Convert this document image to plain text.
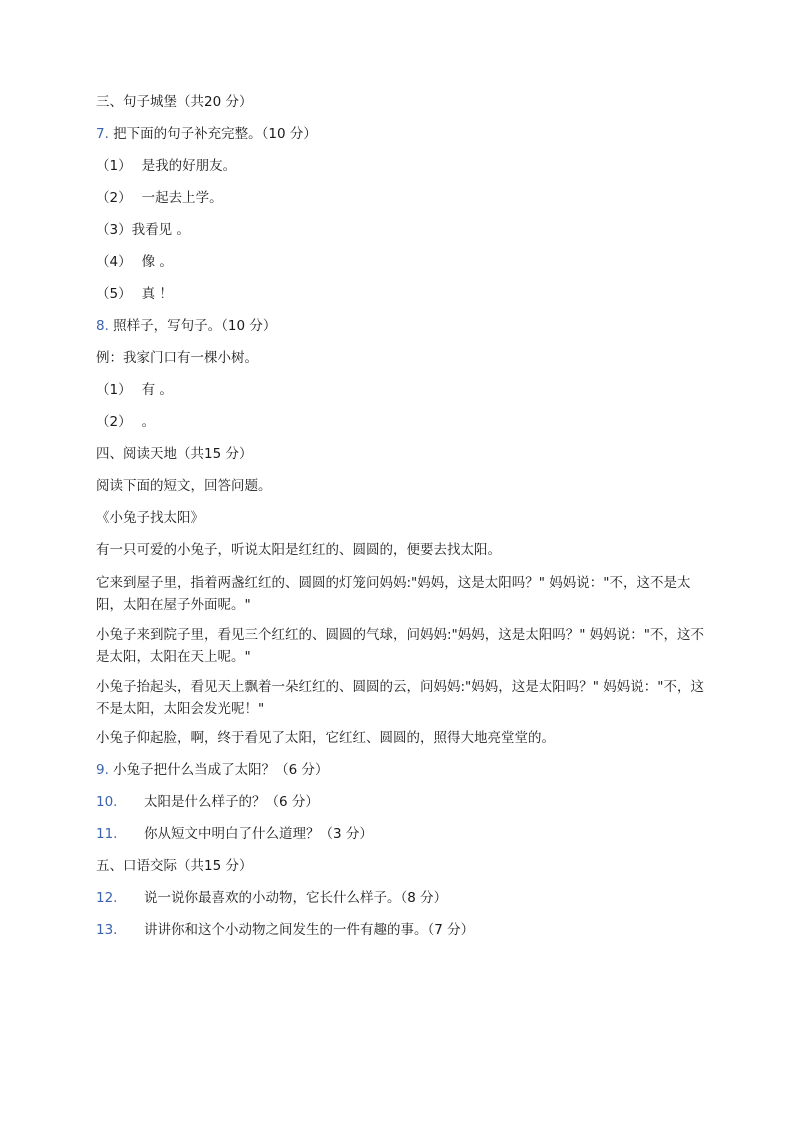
三、句子城堡（共20 分）
7. 把下面的句子补充完整。（10 分）
（1） 是我的好朋友。
（2） 一起去上学。
（3）我看见 。
（4） 像 。
（5） 真 ！
8. 照样子，写句子。（10 分）
例：我家门口有一棵小树。
（1） 有 。
（2） 。
四、阅读天地（共15 分）
阅读下面的短文，回答问题。
《小兔子找太阳》
有一只可爱的小兔子，听说太阳是红红的、圆圆的，便要去找太阳。
它来到屋子里，指着两盏红红的、圆圆的灯笼问妈妈:"妈妈，这是太阳吗？" 妈妈说："不，这不是太阳，太阳在屋子外面呢。"
小兔子来到院子里，看见三个红红的、圆圆的气球，问妈妈:"妈妈，这是太阳吗？" 妈妈说："不，这不是太阳，太阳在天上呢。"
小兔子抬起头，看见天上飘着一朵红红的、圆圆的云，问妈妈:"妈妈，这是太阳吗？" 妈妈说："不，这不是太阳，太阳会发光呢！"
小兔子仰起脸，啊，终于看见了太阳，它红红、圆圆的，照得大地亮堂堂的。
9. 小兔子把什么当成了太阳？（6 分）
10. 太阳是什么样子的？（6 分）
11. 你从短文中明白了什么道理？（3 分）
五、口语交际（共15 分）
12. 说一说你最喜欢的小动物，它长什么样子。（8 分）
13. 讲讲你和这个小动物之间发生的一件有趣的事。（7 分）
